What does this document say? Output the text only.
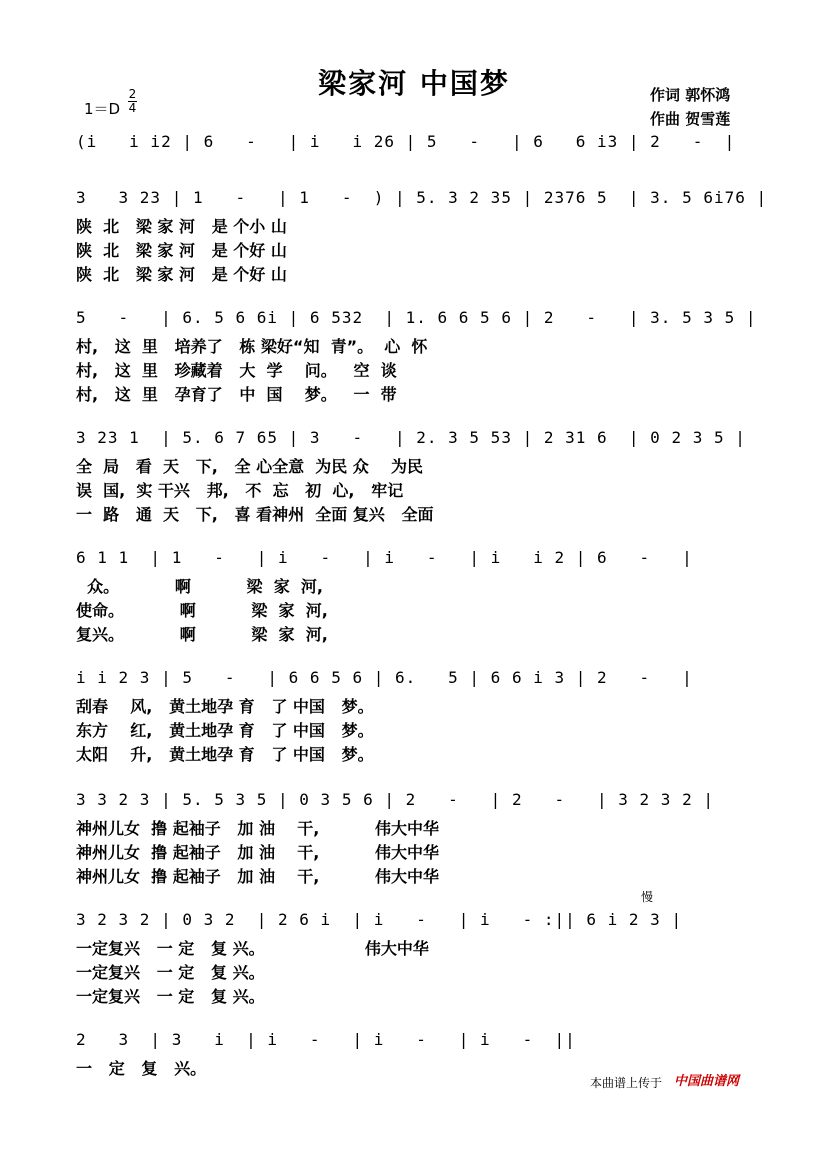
梁家河 中国梦	作词 郭怀鸿
作曲 贺雪莲
1＝D
2
4
(i   i i2 | 6   -   | i   i 26 | 5   -   | 6   6 i3 | 2   -  |
3   3 23 | 1   -   | 1   -  ) | 5. 3 2 35 | 2376 5  | 3. 5 6i76 |
陕  北   梁 家 河   是 个小 山
陕  北   梁 家 河   是 个好 山
陕  北   梁 家 河   是 个好 山
5   -   | 6. 5 6 6i | 6 532  | 1. 6 6 5 6 | 2   -   | 3. 5 3 5 |
村,   这  里   培养了   栋 梁好“知  青”。  心  怀
村,   这  里   珍藏着   大  学    问。   空  谈
村,   这  里   孕育了   中  国    梦。   一  带
3 23 1  | 5. 6 7 65 | 3   -   | 2. 3 5 53 | 2 31 6  | 0 2 3 5 |
全  局   看  天   下,   全 心全意  为民 众    为民
误  国,  实 干兴   邦,   不  忘   初  心,   牢记
一  路   通  天   下,   喜 看神州  全面 复兴   全面
6 1 1  | 1   -   | i   -   | i   -   | i   i 2 | 6   -   |
众。          啊          梁  家  河,
使命。          啊          梁  家  河,
复兴。          啊          梁  家  河,
i i 2 3 | 5   -   | 6 6 5 6 | 6.   5 | 6 6 i 3 | 2   -   |
刮春    风,   黄土地孕 育   了 中国   梦。
东方    红,   黄土地孕 育   了 中国   梦。
太阳    升,   黄土地孕 育   了 中国   梦。
3 3 2 3 | 5. 5 3 5 | 0 3 5 6 | 2   -   | 2   -   | 3 2 3 2 |
神州儿女  撸 起袖子   加 油    干,          伟大中华
神州儿女  撸 起袖子   加 油    干,          伟大中华
神州儿女  撸 起袖子   加 油    干,          伟大中华
3 2 3 2 | 0 3 2  | 2 6 i  | i   -   | i   - :|| 6 i 2 3 |
一定复兴   一 定   复 兴。                  伟大中华
一定复兴   一 定   复 兴。
一定复兴   一 定   复 兴。
2   3  | 3   i  | i   -   | i   -   | i   -  ||
一   定   复   兴。
慢
本曲谱上传于 中国曲谱网
